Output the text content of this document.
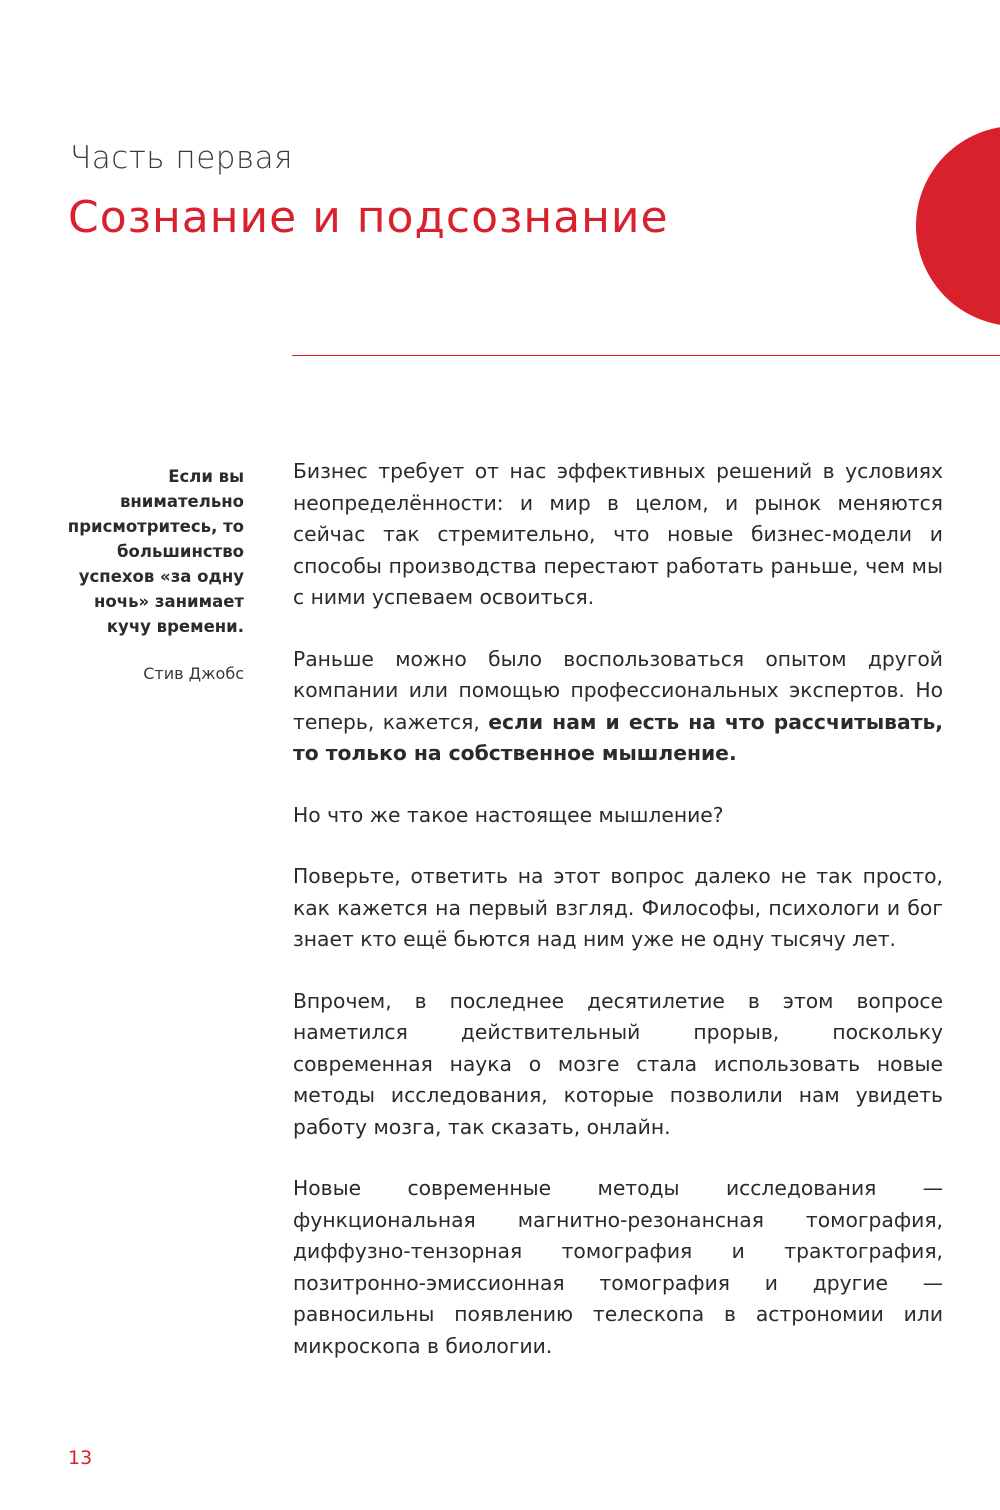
Часть первая
Сознание и подсознание

Если вы внимательно присмотритесь, то большинство успехов «за одну ночь» занимает кучу времени.

Стив Джобс

Бизнес требует от нас эффективных решений в условиях неопределённости: и мир в целом, и рынок меняются сейчас так стремительно, что новые бизнес-модели и способы производства перестают работать раньше, чем мы с ними успеваем освоиться.

Раньше можно было воспользоваться опытом другой компании или помощью профессиональных экспертов. Но теперь, кажется, если нам и есть на что рассчитывать, то только на собственное мышление.

Но что же такое настоящее мышление?

Поверьте, ответить на этот вопрос далеко не так просто, как кажется на первый взгляд. Философы, психологи и бог знает кто ещё бьются над ним уже не одну тысячу лет.

Впрочем, в последнее десятилетие в этом вопросе наметился действительный прорыв, поскольку современная наука о мозге стала использовать новые методы исследования, которые позволили нам увидеть работу мозга, так сказать, онлайн.

Новые современные методы исследования — функциональная магнитно-резонансная томография, диффузно-тензорная томография и трактография, позитронно-эмиссионная томография и другие — равносильны появлению телескопа в астрономии или микроскопа в биологии.

13
